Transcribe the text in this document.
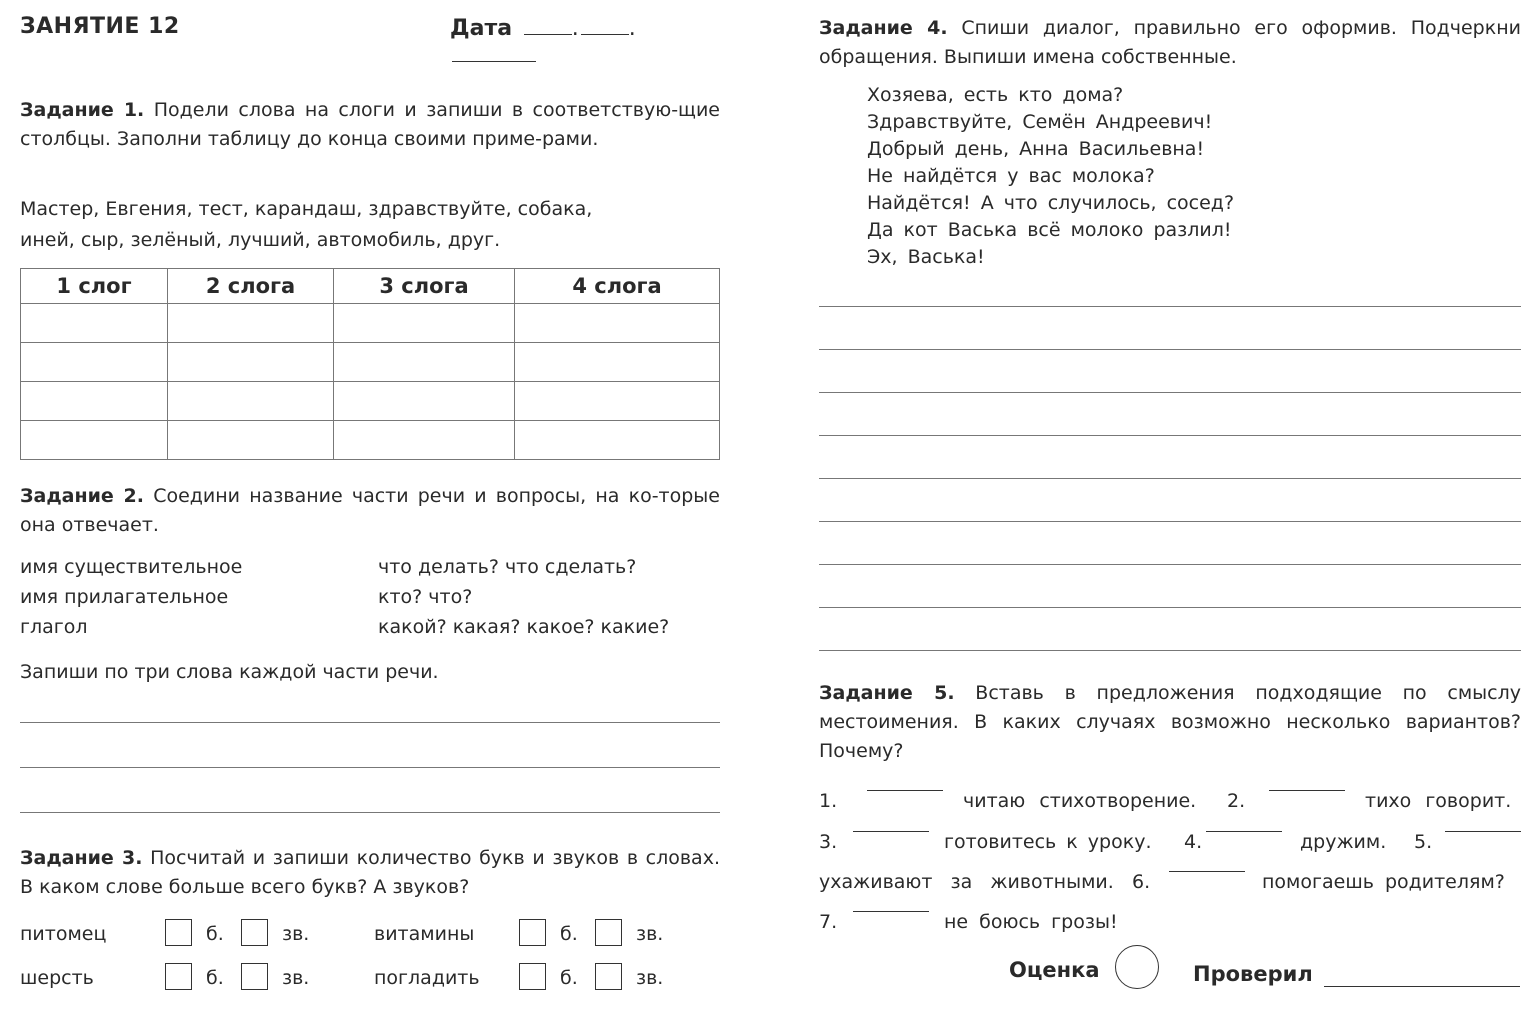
ЗАНЯТИЕ 12	Дата	. .
Задание 1. Подели слова на слоги и запиши в соответствую-щие столбцы. Заполни таблицу до конца своими приме-рами.
Мастер, Евгения, тест, карандаш, здравствуйте, собака,
иней, сыр, зелёный, лучший, автомобиль, друг.
1 слог	2 слога	3 слога	4 слога

Задание 2. Соедини название части речи и вопросы, на ко-торые она отвечает.
имя существительное	что делать? что сделать?
имя прилагательное	кто? что?
глагол	какой? какая? какое? какие?
Запиши по три слова каждой части речи.
Задание 3. Посчитай и запиши количество букв и звуков в словах. В каком слове больше всего букв? А звуков?
питомец	б.	зв.	витамины	б.	зв.
шерсть	б.	зв.	погладить	б.	зв.
Задание 4. Спиши диалог, правильно его оформив. Подчеркни обращения. Выпиши имена собственные.
Хозяева, есть кто дома?
Здравствуйте, Семён Андреевич!
Добрый день, Анна Васильевна!
Не найдётся у вас молока?
Найдётся! А что случилось, сосед?
Да кот Васька всё молоко разлил!
Эх, Васька!
Задание 5. Вставь в предложения подходящие по смыслу местоимения. В каких случаях возможно несколько вариантов? Почему?
1.	читаю стихотворение. 2.	тихо говорит.
3.	готовитесь к уроку. 4.	дружим. 5.
ухаживают за животными. 6.	помогаешь родителям?
7.	не боюсь грозы!
Оценка	Проверил
